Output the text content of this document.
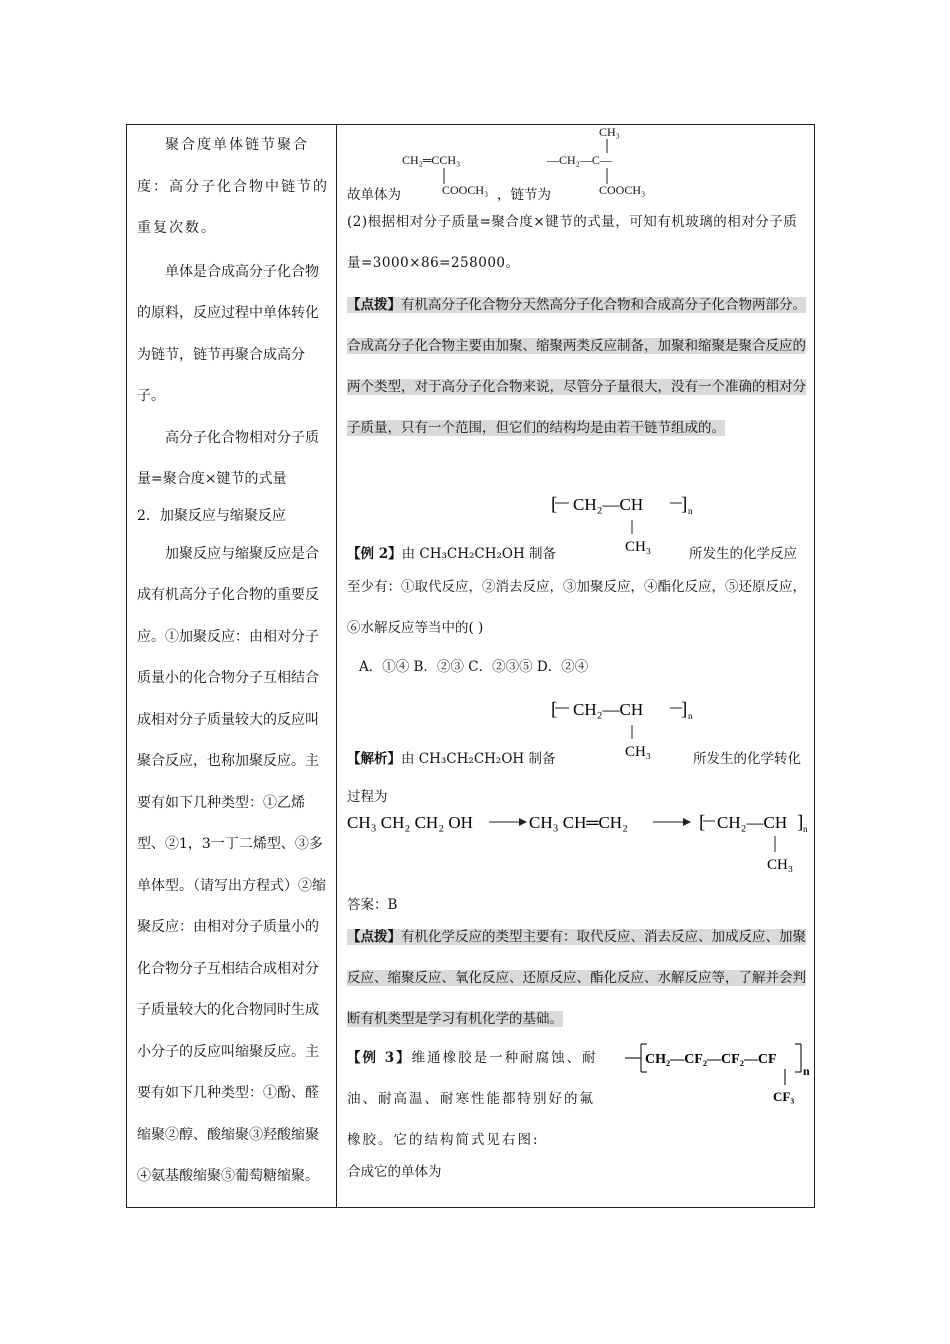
聚合度单体链节聚合度：高分子化合物中链节的重复次数。

单体是合成高分子化合物的原料，反应过程中单体转化为链节，链节再聚合成高分子。

高分子化合物相对分子质量=聚合度×键节的式量

2．加聚反应与缩聚反应

加聚反应与缩聚反应是合成有机高分子化合物的重要反应。①加聚反应：由相对分子质量小的化合物分子互相结合成相对分子质量较大的反应叫聚合反应，也称加聚反应。主要有如下几种类型：①乙烯型、②1，3一丁二烯型、③多单体型。（请写出方程式）②缩聚反应：由相对分子质量小的化合物分子互相结合成相对分子质量较大的化合物同时生成小分子的反应叫缩聚反应。主要有如下几种类型：①酚、醛缩聚②醇、酸缩聚③羟酸缩聚④氨基酸缩聚⑤葡萄糖缩聚。

CH₂═CCH₃
故单体为	COOCH₃ ，链节为
CH₃
—CH₂—C—
COOCH₃
(2)根据相对分子质量=聚合度×键节的式量，可知有机玻璃的相对分子质量=3000×86=258000。
【点拨】有机高分子化合物分天然高分子化合物和合成高分子化合物两部分。合成高分子化合物主要由加聚、缩聚两类反应制备，加聚和缩聚是聚合反应的两个类型，对于高分子化合物来说，尽管分子量很大，没有一个准确的相对分子质量，只有一个范围，但它们的结构均是由若干链节组成的。
[ CH₂—CH
CH₃
] n
【例 2】由 CH₃CH₂CH₂OH 制备	所发生的化学反应
至少有：①取代反应，②消去反应，③加聚反应，④酯化反应，⑤还原反应，⑥水解反应等当中的( )
A．①④ B．②③ C．②③⑤ D．②④
[ CH₂—CH
CH₃
] n
【解析】由 CH₃CH₂CH₂OH 制备	所发生的化学转化
过程为
CH₃ CH₂ CH₂ OH	CH₃ CH═CH₂	[ CH₂—CH
CH₃
] n
答案：B
【点拨】有机化学反应的类型主要有：取代反应、消去反应、加成反应、加聚反应、缩聚反应、氧化反应、还原反应、酯化反应、水解反应等，了解并会判断有机类型是学习有机化学的基础。
【例 3】维通橡胶是一种耐腐蚀、耐油、耐高温、耐寒性能都特别好的氟橡胶。它的结构简式见右图:
CH₂—CF₂—CF₂—CF
n
CF₃
合成它的单体为
